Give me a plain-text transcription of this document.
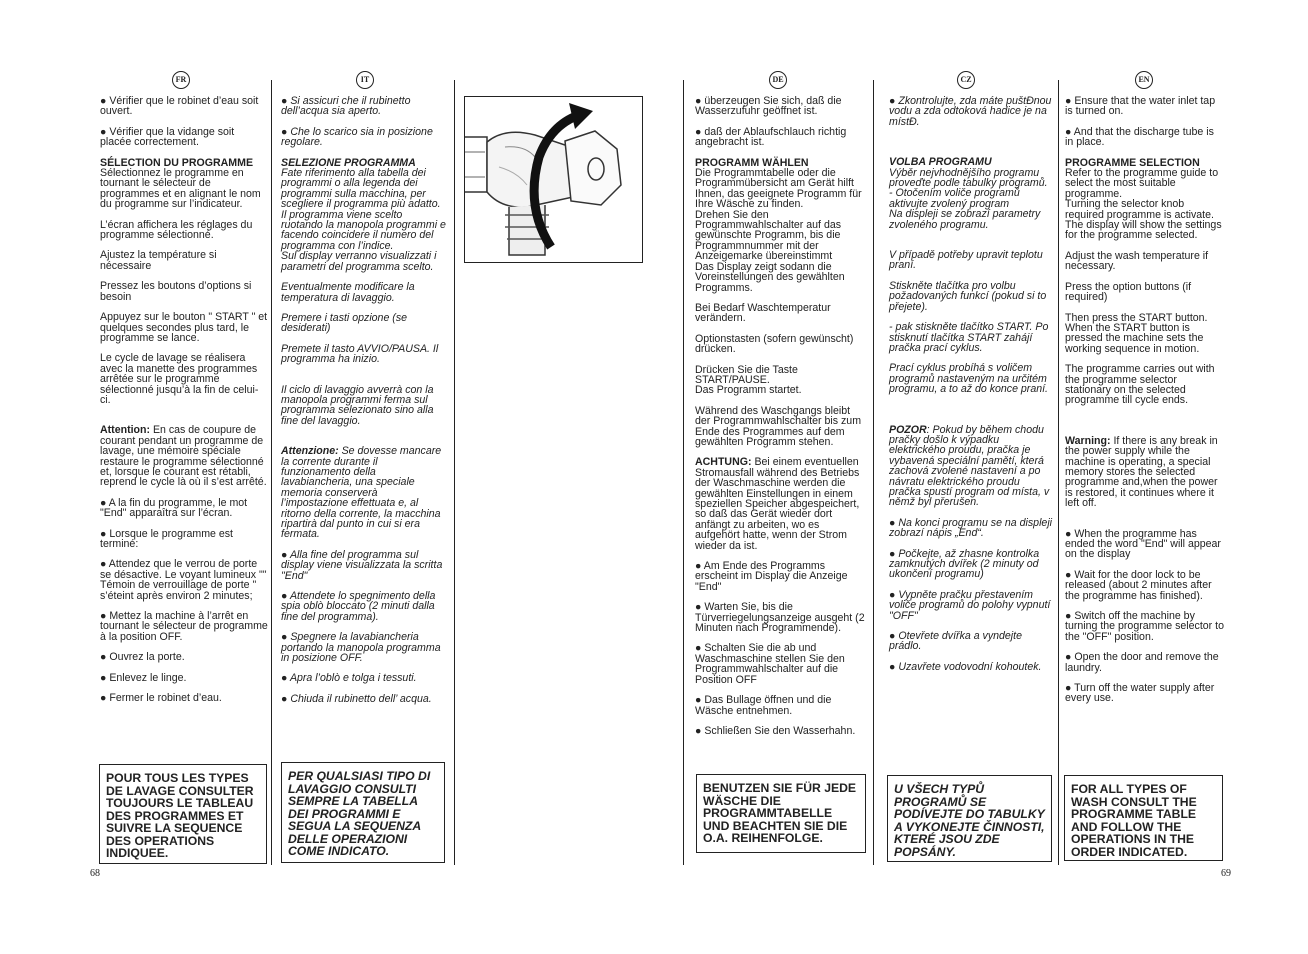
FR	IT	DE	CZ	EN

● Vérifier que le robinet d’eau soit ouvert.

● Vérifier que la vidange soit placée correctement.

SÉLECTION DU PROGRAMME
Sélectionnez le programme en tournant le sélecteur de programmes et en alignant le nom du programme sur l’indicateur.

L’écran affichera les réglages du programme sélectionné.

Ajustez la température si nécessaire

Pressez les boutons d’options si besoin

Appuyez sur le bouton " START " et quelques secondes plus tard, le programme se lance.

Le cycle de lavage se réalisera avec la manette des programmes arrêtée sur le programme sélectionné jusqu’à la fin de celui-ci.

Attention: En cas de coupure de courant pendant un programme de lavage, une mémoire spéciale restaure le programme sélectionné et, lorsque le courant est rétabli, reprend le cycle là où il s’est arrêté.

● A la fin du programme, le mot "End" apparaîtra sur l’écran.

● Lorsque le programme est terminé:

● Attendez que le verrou de porte se désactive. Le voyant lumineux "" Témoin de verrouillage de porte " s’éteint après environ 2 minutes;

● Mettez la machine à l’arrêt en tournant le sélecteur de programme à la position OFF.

● Ouvrez la porte.

● Enlevez le linge.

● Fermer le robinet d’eau.

POUR TOUS LES TYPES DE LAVAGE CONSULTER TOUJOURS LE TABLEAU DES PROGRAMMES ET SUIVRE LA SEQUENCE DES OPERATIONS INDIQUEE.

● Si assicuri che il rubinetto dell’acqua sia aperto.

● Che lo scarico sia in posizione regolare.

SELEZIONE PROGRAMMA
Fate riferimento alla tabella dei programmi o alla legenda dei programmi sulla macchina, per scegliere il programma più adatto.
Il programma viene scelto ruotando la manopola programmi e facendo coincidere il numero del programma con l’indice.
Sul display verranno visualizzati i parametri del programma scelto.

Eventualmente modificare la temperatura di lavaggio.

Premere i tasti opzione (se desiderati)

Premete il tasto AVVIO/PAUSA. Il programma ha inizio.

Il ciclo di lavaggio avverrà con la manopola programmi ferma sul programma selezionato sino alla fine del lavaggio.

Attenzione: Se dovesse mancare la corrente durante il funzionamento della lavabiancheria, una speciale memoria conserverà l’impostazione effettuata e, al ritorno della corrente, la macchina ripartirà dal punto in cui si era fermata.

● Alla fine del programma sul display viene visualizzata la scritta "End"

● Attendete lo spegnimento della spia oblò bloccato (2 minuti dalla fine del programma).

● Spegnere la lavabiancheria portando la manopola programma in posizione OFF.

● Apra l’oblò e tolga i tessuti.

● Chiuda il rubinetto dell’ acqua.

PER QUALSIASI TIPO DI LAVAGGIO CONSULTI SEMPRE LA TABELLA DEI PROGRAMMI E SEGUA LA SEQUENZA DELLE OPERAZIONI COME INDICATO.

● überzeugen Sie sich, daß die Wasserzufuhr geöffnet ist.

● daß der Ablaufschlauch richtig angebracht ist.

PROGRAMM WÄHLEN
Die Programmtabelle oder die Programmübersicht am Gerät hilft Ihnen, das geeignete Programm für Ihre Wäsche zu finden.
Drehen Sie den Programmwahlschalter auf das gewünschte Programm, bis die Programmnummer mit der Anzeigemarke übereinstimmt
Das Display zeigt sodann die Voreinstellungen des gewählten Programms.

Bei Bedarf Waschtemperatur verändern.

Optionstasten (sofern gewünscht) drücken.

Drücken Sie die Taste START/PAUSE.
Das Programm startet.

Während des Waschgangs bleibt der Programmwahlschalter bis zum Ende des Programmes auf dem gewählten Programm stehen.

ACHTUNG: Bei einem eventuellen Stromausfall während des Betriebs der Waschmaschine werden die gewählten Einstellungen in einem speziellen Speicher abgespeichert, so daß das Gerät wieder dort anfängt zu arbeiten, wo es aufgehört hatte, wenn der Strom wieder da ist.

● Am Ende des Programms erscheint im Display die Anzeige "End"

● Warten Sie, bis die Türverriegelungsanzeige ausgeht (2 Minuten nach Programmende).

● Schalten Sie die ab und Waschmaschine stellen Sie den Programmwahlschalter auf die Position OFF

● Das Bullage öffnen und die Wäsche entnehmen.

● Schließen Sie den Wasserhahn.

BENUTZEN SIE FÜR JEDE WÄSCHE DIE PROGRAMMTABELLE UND BEACHTEN SIE DIE O.A. REIHENFOLGE.

● Zkontrolujte, zda máte puštĐnou vodu a zda odtoková hadice je na místĐ.

VOLBA PROGRAMU
Výběr nejvhodnějšího programu proveďte podle tabulky programů.
- Otočením voliče programů aktivujte zvolený program
Na displeji se zobrazí parametry zvoleného programu.

V případě potřeby upravit teplotu praní.

Stiskněte tlačítka pro volbu požadovaných funkcí (pokud si to přejete).

- pak stiskněte tlačítko START. Po stisknutí tlačítka START zahájí pračka prací cyklus.

Prací cyklus probíhá s voličem programů nastaveným na určitém programu, a to až do konce praní.

POZOR: Pokud by během chodu pračky došlo k výpadku elektrického proudu, pračka je vybavená speciální pamětí, která zachová zvolené nastavení a po návratu elektrického proudu pračka spustí program od místa, v němž byl přerušen.

● Na konci programu se na displeji zobrazí nápis „End“.

● Počkejte, až zhasne kontrolka zamknutých dvířek (2 minuty od ukončení programu)

● Vypněte pračku přestavením voliče programů do polohy vypnutí "OFF"

● Otevřete dvířka a vyndejte prádlo.

● Uzavřete vodovodní kohoutek.

U VŠECH TYPŮ PROGRAMŮ SE PODÍVEJTE DO TABULKY A VYKONEJTE ČINNOSTI, KTERÉ JSOU ZDE POPSÁNY.

● Ensure that the water inlet tap is turned on.

● And that the discharge tube is in place.

PROGRAMME SELECTION
Refer to the programme guide to select the most suitable programme.
Turning the selector knob required programme is activate.
The display will show the settings for the programme selected.

Adjust the wash temperature if necessary.

Press the option buttons (if required)

Then press the START button. When the START button is pressed the machine sets the working sequence in motion.

The programme carries out with the programme selector stationary on the selected programme till cycle ends.

Warning: If there is any break in the power supply while the machine is operating, a special memory stores the selected programme and,when the power is restored, it continues where it left off.

● When the programme has ended the word "End" will appear on the display

● Wait for the door lock to be released (about 2 minutes after the programme has finished).

● Switch off the machine by turning the programme selector to the "OFF" position.

● Open the door and remove the laundry.

● Turn off the water supply after every use.

FOR ALL TYPES OF WASH CONSULT THE PROGRAMME TABLE AND FOLLOW THE OPERATIONS IN THE ORDER INDICATED.
68	69
